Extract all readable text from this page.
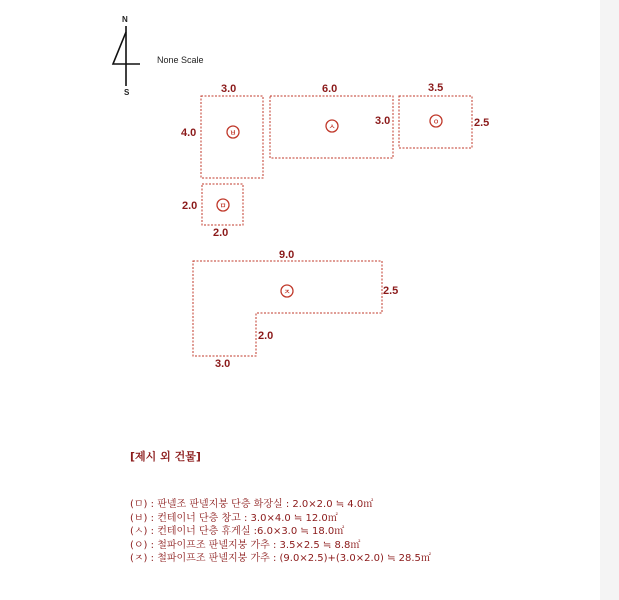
N
S
None Scale
ㅂ
ㅅ
ㅇ
ㅁ
ㅈ
3.0
4.0
6.0
3.0
3.5
2.5
2.0
2.0
9.0
2.5
2.0
3.0
[제시 외 건물]
(ㅁ) : 판넬조 판넬지붕 단층 화장실 : 2.0×2.0 ≒ 4.0㎡
(ㅂ) : 컨테이너 단층 창고 : 3.0×4.0 ≒ 12.0㎡
(ㅅ) : 컨테이너 단층 휴게실 :6.0×3.0 ≒ 18.0㎡
(ㅇ) : 철파이프조 판넬지붕 가추 : 3.5×2.5 ≒ 8.8㎡
(ㅈ) : 철파이프조 판넬지붕 가추 : (9.0×2.5)+(3.0×2.0) ≒ 28.5㎡
